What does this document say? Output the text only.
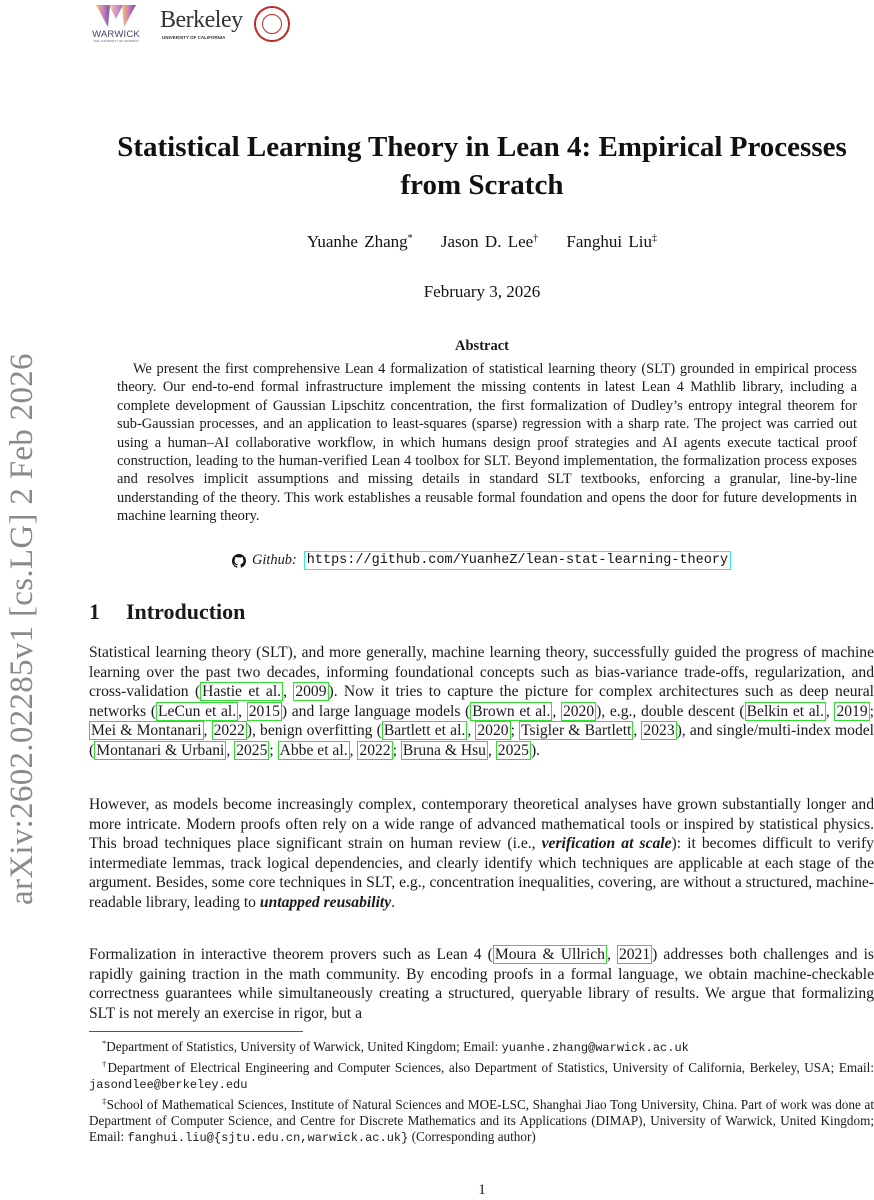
WARWICK
THE UNIVERSITY OF WARWICK
Berkeley
UNIVERSITY OF CALIFORNIA
arXiv:2602.02285v1 [cs.LG] 2 Feb 2026
Statistical Learning Theory in Lean 4: Empirical Processes from Scratch
Yuanhe Zhang* Jason D. Lee† Fanghui Liu‡
February 3, 2026
Abstract

We present the first comprehensive Lean 4 formalization of statistical learning theory (SLT) grounded in empirical process theory. Our end-to-end formal infrastructure implement the missing contents in latest Lean 4 Mathlib library, including a complete development of Gaussian Lipschitz concentration, the first formalization of Dudley’s entropy integral theorem for sub-Gaussian processes, and an application to least-squares (sparse) regression with a sharp rate. The project was carried out using a human–AI collaborative workflow, in which humans design proof strategies and AI agents execute tactical proof construction, leading to the human-verified Lean 4 toolbox for SLT. Beyond implementation, the formalization process exposes and resolves implicit assumptions and missing details in standard SLT textbooks, enforcing a granular, line-by-line understanding of the theory. This work establishes a reusable formal foundation and opens the door for future developments in machine learning theory.

Github: https://github.com/YuanheZ/lean-stat-learning-theory
1 Introduction

Statistical learning theory (SLT), and more generally, machine learning theory, successfully guided the progress of machine learning over the past two decades, informing foundational concepts such as bias-variance trade-offs, regularization, and cross-validation ( Hastie et al. , 2009 ). Now it tries to capture the picture for complex architectures such as deep neural networks ( LeCun et al. , 2015 ) and large language models ( Brown et al. , 2020 ), e.g., double descent ( Belkin et al. , 2019 ; Mei & Montanari , 2022 ), benign overfitting ( Bartlett et al. , 2020 ; Tsigler & Bartlett , 2023 ), and single/multi-index model ( Montanari & Urbani , 2025 ; Abbe et al. , 2022 ; Bruna & Hsu , 2025 ).

However, as models become increasingly complex, contemporary theoretical analyses have grown substantially longer and more intricate. Modern proofs often rely on a wide range of advanced mathematical tools or inspired by statistical physics. This broad techniques place significant strain on human review (i.e., verification at scale): it becomes difficult to verify intermediate lemmas, track logical dependencies, and clearly identify which techniques are applicable at each stage of the argument. Besides, some core techniques in SLT, e.g., concentration inequalities, covering, are without a structured, machine-readable library, leading to untapped reusability.

Formalization in interactive theorem provers such as Lean 4 ( Moura & Ullrich , 2021 ) addresses both challenges and is rapidly gaining traction in the math community. By encoding proofs in a formal language, we obtain machine-checkable correctness guarantees while simultaneously creating a structured, queryable library of results. We argue that formalizing SLT is not merely an exercise in rigor, but a

*Department of Statistics, University of Warwick, United Kingdom; Email: yuanhe.zhang@warwick.ac.uk

†Department of Electrical Engineering and Computer Sciences, also Department of Statistics, University of California, Berkeley, USA; Email: jasondlee@berkeley.edu

‡School of Mathematical Sciences, Institute of Natural Sciences and MOE-LSC, Shanghai Jiao Tong University, China. Part of work was done at Department of Computer Science, and Centre for Discrete Mathematics and its Applications (DIMAP), University of Warwick, United Kingdom; Email: fanghui.liu@{sjtu.edu.cn,warwick.ac.uk} (Corresponding author)

1
